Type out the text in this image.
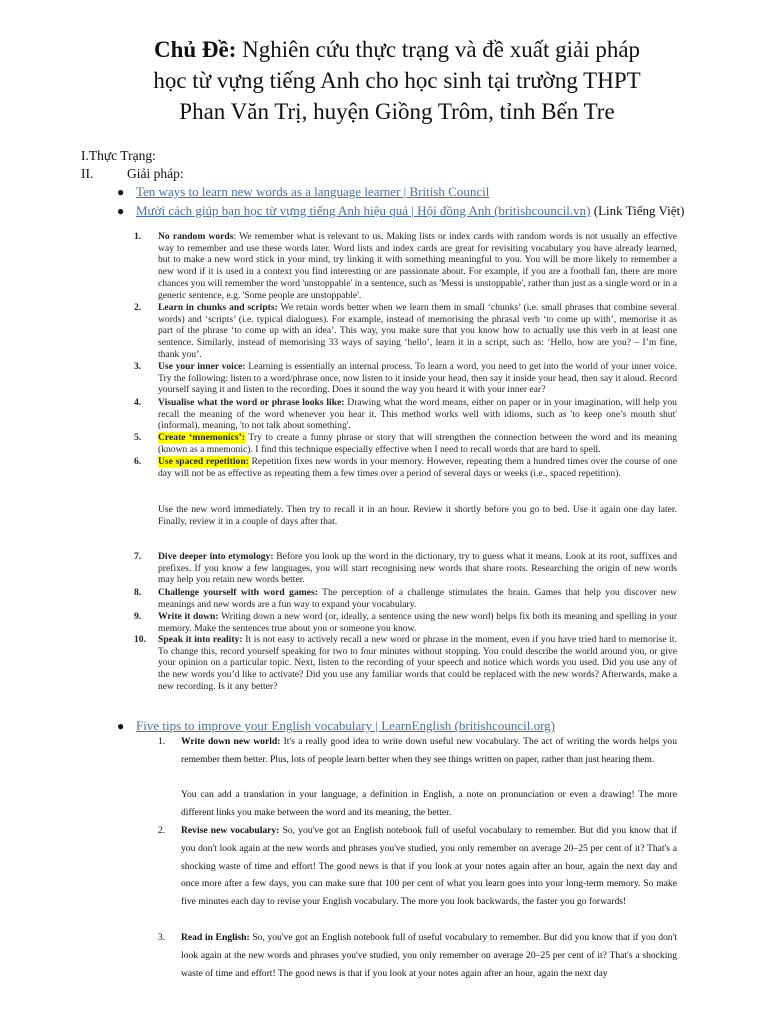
Chủ Đề: Nghiên cứu thực trạng và đề xuất giải pháp
học từ vựng tiếng Anh cho học sinh tại trường THPT
Phan Văn Trị, huyện Giồng Trôm, tỉnh Bến Tre
I.Thực Trạng:
II. Giải pháp:
● Ten ways to learn new words as a language learner | British Council
● Mười cách giúp bạn học từ vựng tiếng Anh hiệu quả | Hội đồng Anh (britishcouncil.vn) (Link Tiếng Việt)
1. No random words: We remember what is relevant to us. Making lists or index cards with random words is not usually an effective way to remember and use these words later. Word lists and index cards are great for revisiting vocabulary you have already learned, but to make a new word stick in your mind, try linking it with something meaningful to you. You will be more likely to remember a new word if it is used in a context you find interesting or are passionate about. For example, if you are a football fan, there are more chances you will remember the word 'unstoppable' in a sentence, such as 'Messi is unstoppable', rather than just as a single word or in a generic sentence, e.g. 'Some people are unstoppable'.
2. Learn in chunks and scripts: We retain words better when we learn them in small ‘chunks’ (i.e. small phrases that combine several words) and ‘scripts’ (i.e. typical dialogues). For example, instead of memorising the phrasal verb ‘to come up with’, memorise it as part of the phrase ‘to come up with an idea’. This way, you make sure that you know how to actually use this verb in at least one sentence. Similarly, instead of memorising 33 ways of saying ‘hello’, learn it in a script, such as: ‘Hello, how are you? – I’m fine, thank you’.
3. Use your inner voice: Learning is essentially an internal process. To learn a word, you need to get into the world of your inner voice. Try the following: listen to a word/phrase once, now listen to it inside your head, then say it inside your head, then say it aloud. Record yourself saying it and listen to the recording. Does it sound the way you heard it with your inner ear?
4. Visualise what the word or phrase looks like: Drawing what the word means, either on paper or in your imagination, will help you recall the meaning of the word whenever you hear it. This method works well with idioms, such as 'to keep one’s mouth shut' (informal), meaning, 'to not talk about something'.
5. Create ‘mnemonics’: Try to create a funny phrase or story that will strengthen the connection between the word and its meaning (known as a mnemonic). I find this technique especially effective when I need to recall words that are hard to spell.
6. Use spaced repetition: Repetition fixes new words in your memory. However, repeating them a hundred times over the course of one day will not be as effective as repeating them a few times over a period of several days or weeks (i.e., spaced repetition).
Use the new word immediately. Then try to recall it in an hour. Review it shortly before you go to bed. Use it again one day later. Finally, review it in a couple of days after that.
7. Dive deeper into etymology: Before you look up the word in the dictionary, try to guess what it means. Look at its root, suffixes and prefixes. If you know a few languages, you will start recognising new words that share roots. Researching the origin of new words may help you retain new words better.
8. Challenge yourself with word games: The perception of a challenge stimulates the brain. Games that help you discover new meanings and new words are a fun way to expand your vocabulary.
9. Write it down: Writing down a new word (or, ideally, a sentence using the new word) helps fix both its meaning and spelling in your memory. Make the sentences true about you or someone you know.
10. Speak it into reality: It is not easy to actively recall a new word or phrase in the moment, even if you have tried hard to memorise it. To change this, record yourself speaking for two to four minutes without stopping. You could describe the world around you, or give your opinion on a particular topic. Next, listen to the recording of your speech and notice which words you used. Did you use any of the new words you’d like to activate? Did you use any familiar words that could be replaced with the new words? Afterwards, make a new recording. Is it any better?
● Five tips to improve your English vocabulary | LearnEnglish (britishcouncil.org)
1. Write down new world: It's a really good idea to write down useful new vocabulary. The act of writing the words helps you remember them better. Plus, lots of people learn better when they see things written on paper, rather than just hearing them.
You can add a translation in your language, a definition in English, a note on pronunciation or even a drawing! The more different links you make between the word and its meaning, the better.
2. Revise new vocabulary: So, you've got an English notebook full of useful vocabulary to remember. But did you know that if you don't look again at the new words and phrases you've studied, you only remember on average 20–25 per cent of it? That's a shocking waste of time and effort! The good news is that if you look at your notes again after an hour, again the next day and once more after a few days, you can make sure that 100 per cent of what you learn goes into your long-term memory. So make five minutes each day to revise your English vocabulary. The more you look backwards, the faster you go forwards!
3. Read in English: So, you've got an English notebook full of useful vocabulary to remember. But did you know that if you don't look again at the new words and phrases you've studied, you only remember on average 20–25 per cent of it? That's a shocking waste of time and effort! The good news is that if you look at your notes again after an hour, again the next day
